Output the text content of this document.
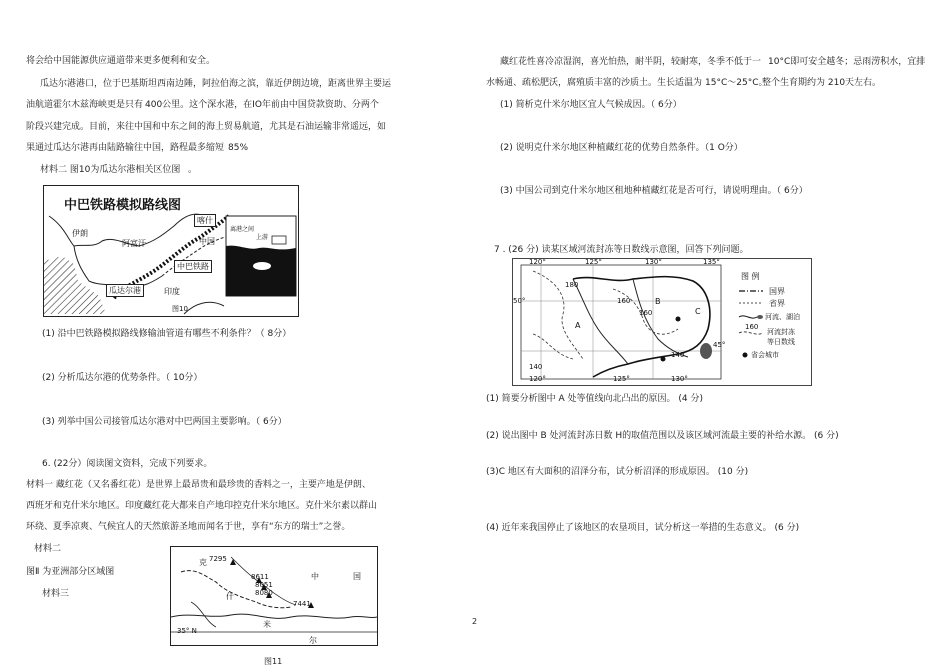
将会给中国能源供应通道带来更多便利和安全。
瓜达尔港港口，位于巴基斯坦西南边陲，阿拉伯海之滨，靠近伊朗边境，距离世界主要运
油航道霍尔木兹海峡更是只有 400公里。这个深水港，在IO年前由中国贷款资助、分两个
阶段兴建完成。目前，来往中国和中东之间的海上贸易航道，尤其是石油运输非常遥远，如
果通过瓜达尔港再由陆路输往中国，路程最多缩短 85%
材料二 图10为瓜达尔港相关区位图 。
中巴铁路模拟路线图
喀什
伊朗
阿富汗	中国
中巴铁路
瓜达尔港	印度
离港之间
上游
图10
(1) 沿中巴铁路模拟路线修输油管道有哪些不利条件？（ 8分）
(2) 分析瓜达尔港的优势条件。（ 10分）
(3) 列举中国公司接管瓜达尔港对中巴两国主要影响。（ 6分）
6. (22分）阅读图文资料，完成下列要求。
材料一 藏红花（又名番红花）是世界上最昂贵和最珍贵的香料之一，主要产地是伊朗、
西班牙和克什米尔地区。印度藏红花大都来自产地印控克什米尔地区。克什米尔素以群山
环绕、夏季凉爽、气候宜人的天然旅游圣地而闻名于世，享有“东方的瑞士”之誉。
材料二
图Ⅱ 为亚洲部分区域图
材料三
克 7295
8611
8051
8080
7441
中	国
什
米
尔
35° N
图11
藏红花性喜冷凉湿润，喜光怕热，耐半阴，较耐寒，冬季不低于一 10°C即可安全越冬；忌雨涝积水，宜排
水畅通、疏松肥沃，腐殖质丰富的沙质土。生长适温为 15°C～25°C。
整个生育期约为 210天左右。
(1) 简析克什米尔地区宜人气候成因。（ 6分）
(2) 说明克什米尔地区种植藏红花的优势自然条件。（1 O分）
(3) 中国公司到克什米尔地区租地种植藏红花是否可行，请说明理由。（ 6分）
7 . (26 分) 读某区域河流封冻等日数线示意图，回答下列问题。
120°	125°	130°	135°
120°	125°	130°
50°
45°
180
160
160
140
140
A
B
C
图 例
国界
省界
河流、湖泊
160
河流封冻
等日数线
省会城市
(1) 简要分析图中 A 处等值线向北凸出的原因。 (4 分)
(2) 说出图中 B 处河流封冻日数 H的取值范围以及该区域河流最主要的补给水源。 (6 分)
(3)C 地区有大面积的沼泽分布，试分析沼泽的形成原因。 (10 分)
(4) 近年来我国停止了该地区的农垦项目，试分析这一举措的生态意义。 (6 分)
2
